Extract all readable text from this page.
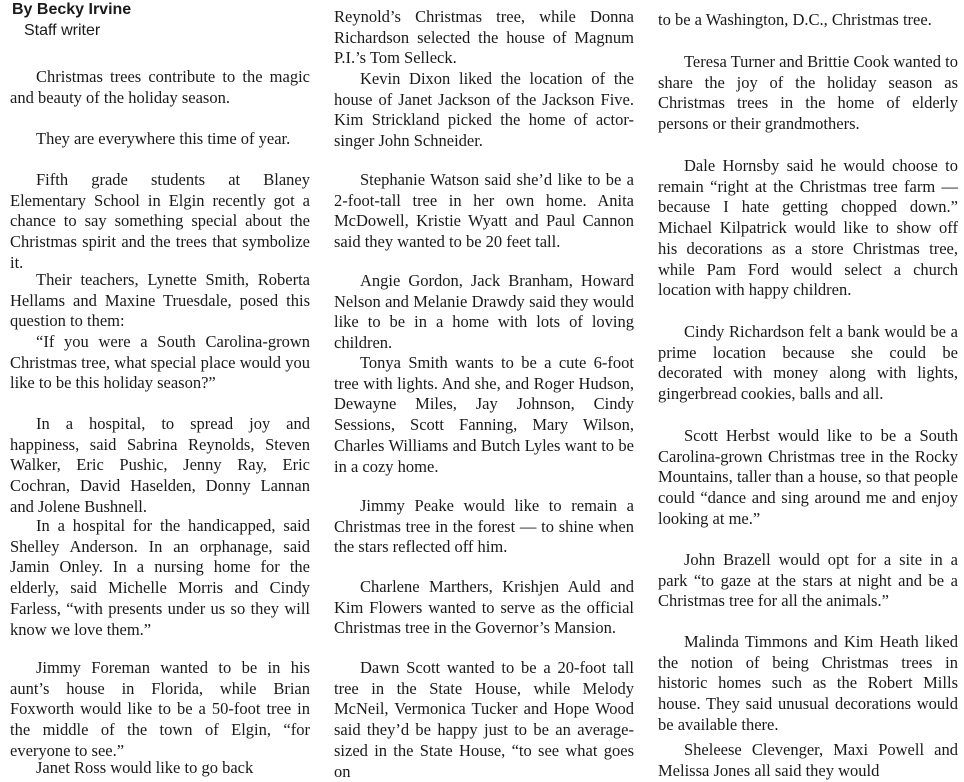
By Becky Irvine
Staff writer

Christmas trees contribute to the magic and beauty of the holiday season.

They are everywhere this time of year.

Fifth grade students at Blaney Elementary School in Elgin recently got a chance to say something special about the Christmas spirit and the trees that symbolize it.

Their teachers, Lynette Smith, Roberta Hellams and Maxine Truesdale, posed this question to them:

“If you were a South Carolina-grown Christmas tree, what special place would you like to be this holiday season?”

In a hospital, to spread joy and happiness, said Sabrina Reynolds, Steven Walker, Eric Pushic, Jenny Ray, Eric Cochran, David Haselden, Donny Lannan and Jolene Bushnell.

In a hospital for the handicapped, said Shelley Anderson. In an orphanage, said Jamin Onley. In a nursing home for the elderly, said Michelle Morris and Cindy Farless, “with presents under us so they will know we love them.”

Jimmy Foreman wanted to be in his aunt’s house in Florida, while Brian Foxworth would like to be a 50-foot tree in the middle of the town of Elgin, “for everyone to see.”

Janet Ross would like to go back

Reynold’s Christmas tree, while Donna Richardson selected the house of Magnum P.I.’s Tom Selleck.

Kevin Dixon liked the location of the house of Janet Jackson of the Jackson Five. Kim Strickland picked the home of actor-singer John Schneider.

Stephanie Watson said she’d like to be a 2-foot-tall tree in her own home. Anita McDowell, Kristie Wyatt and Paul Cannon said they wanted to be 20 feet tall.

Angie Gordon, Jack Branham, Howard Nelson and Melanie Drawdy said they would like to be in a home with lots of loving children.

Tonya Smith wants to be a cute 6-foot tree with lights. And she, and Roger Hudson, Dewayne Miles, Jay Johnson, Cindy Sessions, Scott Fanning, Mary Wilson, Charles Williams and Butch Lyles want to be in a cozy home.

Jimmy Peake would like to remain a Christmas tree in the forest — to shine when the stars reflected off him.

Charlene Marthers, Krishjen Auld and Kim Flowers wanted to serve as the official Christmas tree in the Governor’s Mansion.

Dawn Scott wanted to be a 20-foot tall tree in the State House, while Melody McNeil, Vermonica Tucker and Hope Wood said they’d be happy just to be an average-sized in the State House, “to see what goes on

to be a Washington, D.C., Christmas tree.

Teresa Turner and Brittie Cook wanted to share the joy of the holiday season as Christmas trees in the home of elderly persons or their grandmothers.

Dale Hornsby said he would choose to remain “right at the Christmas tree farm — because I hate getting chopped down.” Michael Kilpatrick would like to show off his decorations as a store Christmas tree, while Pam Ford would select a church location with happy children.

Cindy Richardson felt a bank would be a prime location because she could be decorated with money along with lights, gingerbread cookies, balls and all.

Scott Herbst would like to be a South Carolina-grown Christmas tree in the Rocky Mountains, taller than a house, so that people could “dance and sing around me and enjoy looking at me.”

John Brazell would opt for a site in a park “to gaze at the stars at night and be a Christmas tree for all the animals.”

Malinda Timmons and Kim Heath liked the notion of being Christmas trees in historic homes such as the Robert Mills house. They said unusual decorations would be available there.

Sheleese Clevenger, Maxi Powell and Melissa Jones all said they would
